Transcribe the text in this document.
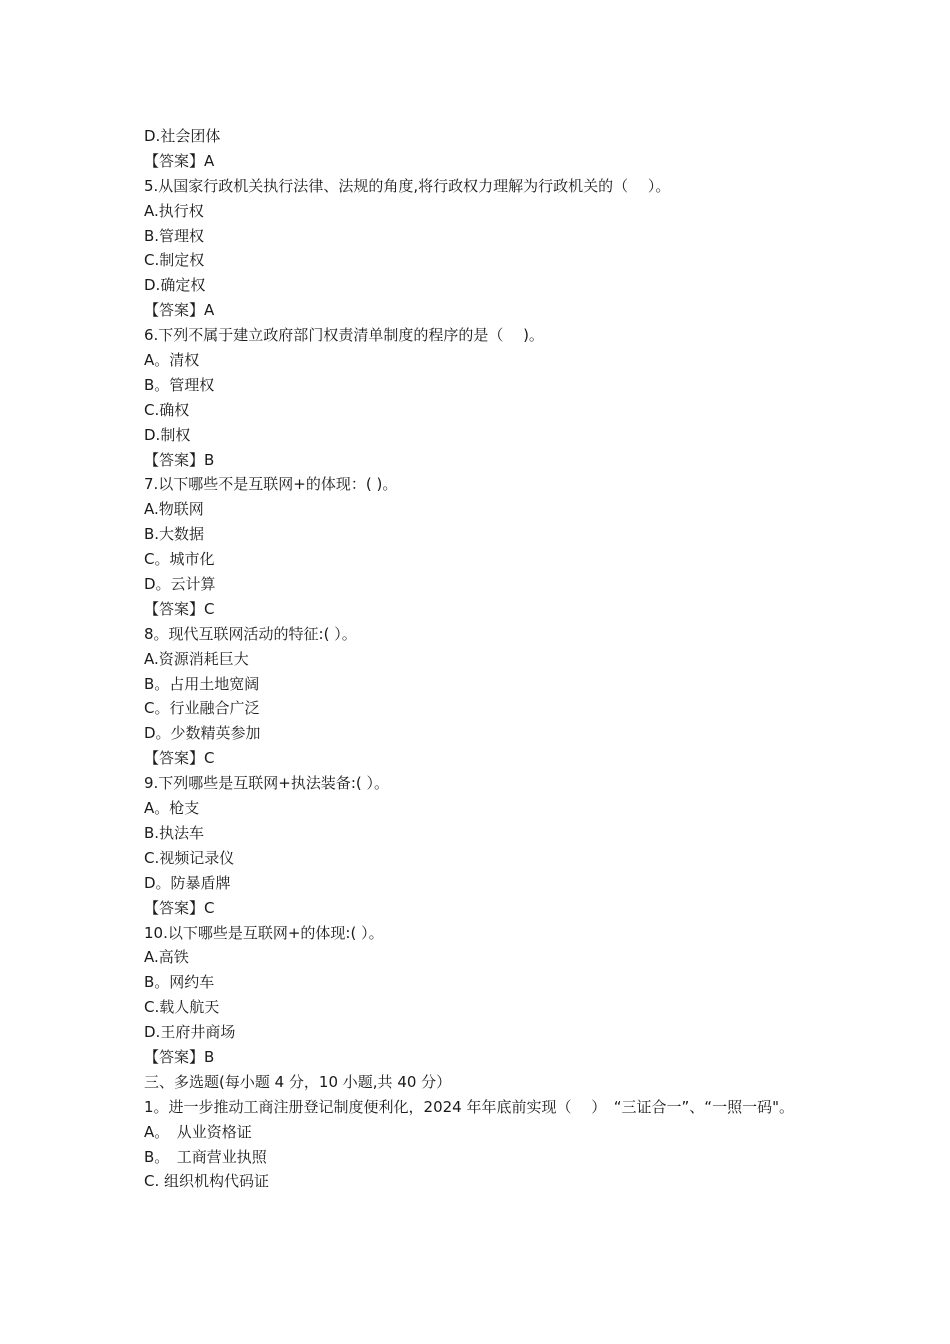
D.社会团体
【答案】A
5.从国家行政机关执行法律、法规的角度,将行政权力理解为行政机关的（　 ）。
A.执行权
B.管理权
C.制定权
D.确定权
【答案】A
6.下列不属于建立政府部门权责清单制度的程序的是（　 )。
A。清权
B。管理权
C.确权
D.制权
【答案】B
7.以下哪些不是互联网+的体现：( )。
A.物联网
B.大数据
C。城市化
D。云计算
【答案】C
8。现代互联网活动的特征:( ）。
A.资源消耗巨大
B。占用土地宽阔
C。行业融合广泛
D。少数精英参加
【答案】C
9.下列哪些是互联网+执法装备:( ）。
A。枪支
B.执法车
C.视频记录仪
D。防暴盾牌
【答案】C
10.以下哪些是互联网+的体现:( ）。
A.高铁
B。网约车
C.载人航天
D.王府井商场
【答案】B
三、多选题(每小题 4 分，10 小题,共 40 分）
1。进一步推动工商注册登记制度便利化，2024 年年底前实现（　 ）　“三证合一”、“一照一码"。
A。　从业资格证
B。　工商营业执照
C. 组织机构代码证
